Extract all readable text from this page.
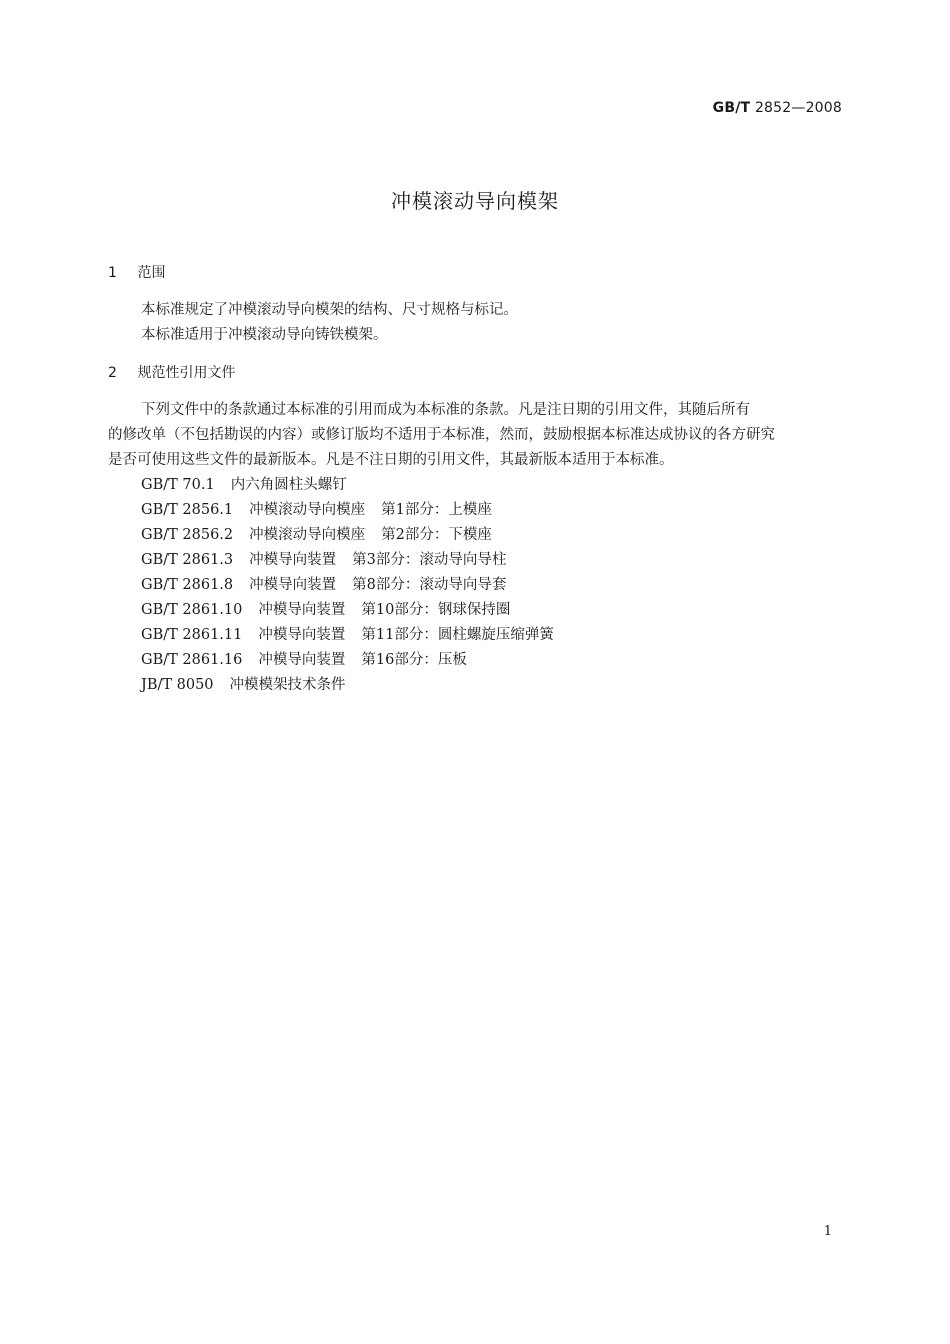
GB/T 2852—2008
冲模滚动导向模架
1 范围
本标准规定了冲模滚动导向模架的结构、尺寸规格与标记。
本标准适用于冲模滚动导向铸铁模架。
2 规范性引用文件
下列文件中的条款通过本标准的引用而成为本标准的条款。凡是注日期的引用文件，其随后所有
的修改单（不包括勘误的内容）或修订版均不适用于本标准，然而，鼓励根据本标准达成协议的各方研究
是否可使用这些文件的最新版本。凡是不注日期的引用文件，其最新版本适用于本标准。
GB/T 70.1 内六角圆柱头螺钉
GB/T 2856.1 冲模滚动导向模座 第1部分：上模座
GB/T 2856.2 冲模滚动导向模座 第2部分：下模座
GB/T 2861.3 冲模导向装置 第3部分：滚动导向导柱
GB/T 2861.8 冲模导向装置 第8部分：滚动导向导套
GB/T 2861.10 冲模导向装置 第10部分：钢球保持圈
GB/T 2861.11 冲模导向装置 第11部分：圆柱螺旋压缩弹簧
GB/T 2861.16 冲模导向装置 第16部分：压板
JB/T 8050 冲模模架技术条件
1
